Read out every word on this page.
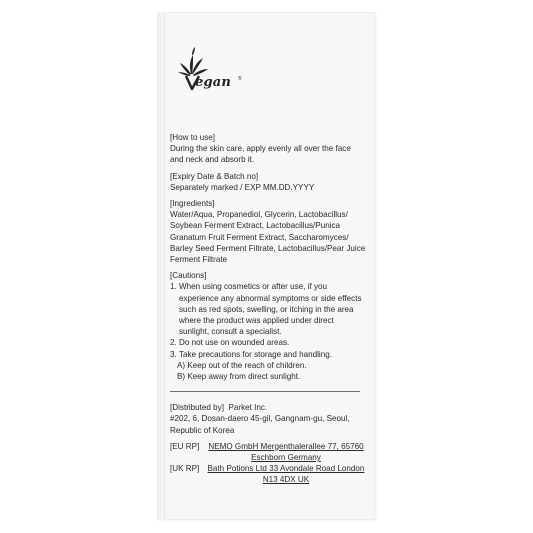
egan ®

[How to use]

During the skin care, apply evenly all over the face and neck and absorb it.

[Expiry Date & Batch no]

Separately marked / EXP MM.DD.YYYY

[Ingredients]

Water/Aqua, Propanediol, Glycerin, Lactobacillus/ Soybean Ferment Extract, Lactobacillus/Punica Granatum Fruit Ferment Extract, Saccharomyces/ Barley Seed Ferment Filtrate, Lactobacillus/Pear Juice Ferment Filtrate

[Cautions]

1. When using cosmetics or after use, if you experience any abnormal symptoms or side effects such as red spots, swelling, or itching in the area where the product was applied under direct sunlight, consult a specialist.
2. Do not use on wounded areas.
3. Take precautions for storage and handling.
A) Keep out of the reach of children.
B) Keep away from direct sunlight.

[Distributed by] Parket Inc.

#202, 6, Dosan-daero 45-gil, Gangnam-gu, Seoul, Republic of Korea

[EU RP]	NEMO GmbH Mergenthalerallee 77, 65760 Eschborn Germany
[UK RP]	Bath Potions Ltd 33 Avondale Road London N13 4DX UK
